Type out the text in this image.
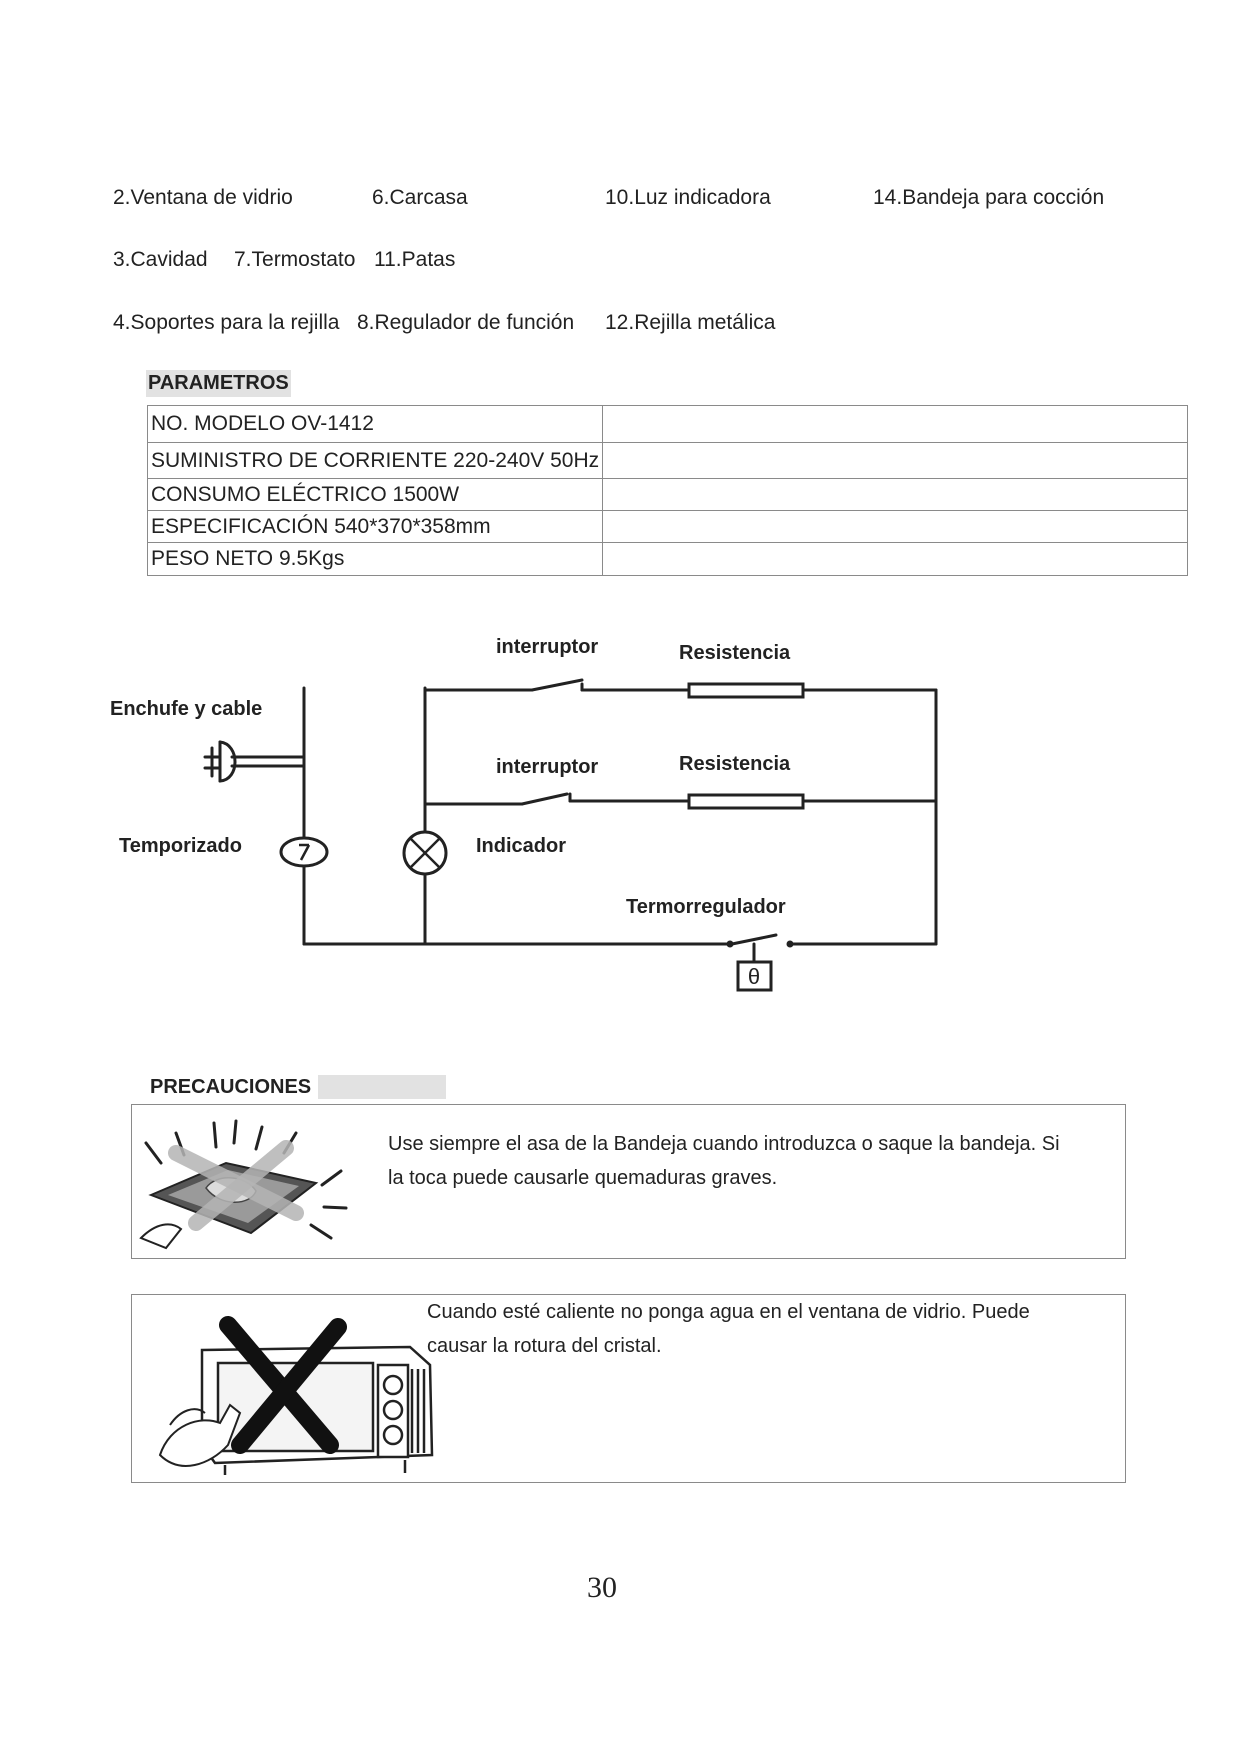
2.Ventana de vidrio	6.Carcasa	10.Luz indicadora	14.Bandeja para cocción
3.Cavidad 7.Termostato 11.Patas
4.Soportes para la rejilla 8.Regulador de función 12.Rejilla metálica
PARAMETROS
NO. MODELO OV-1412	
SUMINISTRO DE CORRIENTE 220-240V 50Hz	
CONSUMO ELÉCTRICO 1500W	
ESPECIFICACIÓN 540*370*358mm	
PESO NETO 9.5Kgs	
θ
interruptor	Resistencia
Enchufe y cable
interruptor	Resistencia
Temporizado	Indicador
Termorregulador
PRECAUCIONES
Use siempre el asa de la Bandeja cuando introduzca o saque la bandeja. Si
la toca puede causarle quemaduras graves.
Cuando esté caliente no ponga agua en el ventana de vidrio. Puede
causar la rotura del cristal.
30
